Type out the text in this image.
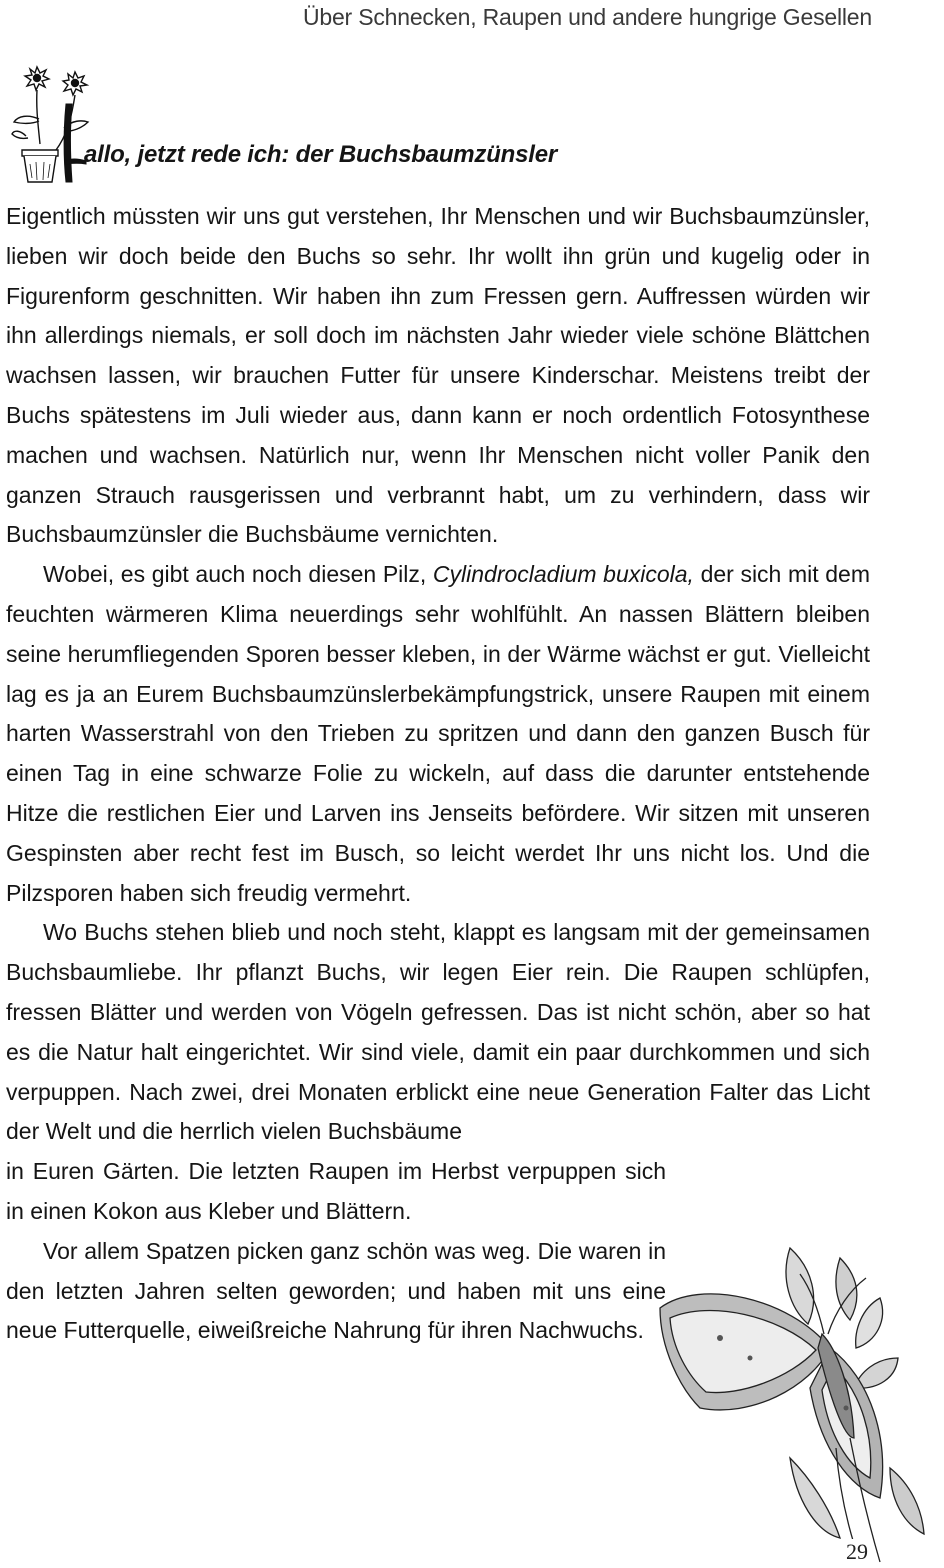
Über Schnecken, Raupen und andere hungrige Gesellen
allo, jetzt rede ich: der Buchsbaumzünsler

Eigentlich müssten wir uns gut verstehen, Ihr Menschen und wir Buchsbaumzünsler, lieben wir doch beide den Buchs so sehr. Ihr wollt ihn grün und kugelig oder in Figurenform geschnitten. Wir haben ihn zum Fressen gern. Auffressen würden wir ihn allerdings niemals, er soll doch im nächsten Jahr wieder viele schöne Blättchen wachsen lassen, wir brauchen Futter für unsere Kinderschar. Meistens treibt der Buchs spätestens im Juli wieder aus, dann kann er noch ordentlich Fotosynthese machen und wachsen. Natürlich nur, wenn Ihr Menschen nicht voller Panik den ganzen Strauch rausgerissen und verbrannt habt, um zu verhindern, dass wir Buchsbaumzünsler die Buchsbäume vernichten.

Wobei, es gibt auch noch diesen Pilz, Cylindrocladium buxicola, der sich mit dem feuchten wärmeren Klima neuerdings sehr wohlfühlt. An nassen Blättern bleiben seine herumfliegenden Sporen besser kleben, in der Wärme wächst er gut. Vielleicht lag es ja an Eurem Buchsbaumzünslerbekämpfungstrick, unsere Raupen mit einem harten Wasserstrahl von den Trieben zu spritzen und dann den ganzen Busch für einen Tag in eine schwarze Folie zu wickeln, auf dass die darunter entstehende Hitze die restlichen Eier und Larven ins Jenseits befördere. Wir sitzen mit unseren Gespinsten aber recht fest im Busch, so leicht werdet Ihr uns nicht los. Und die Pilzsporen haben sich freudig vermehrt.

Wo Buchs stehen blieb und noch steht, klappt es langsam mit der gemeinsamen Buchsbaumliebe. Ihr pflanzt Buchs, wir legen Eier rein. Die Raupen schlüpfen, fressen Blätter und werden von Vögeln gefressen. Das ist nicht schön, aber so hat es die Natur halt eingerichtet. Wir sind viele, damit ein paar durchkommen und sich verpuppen. Nach zwei, drei Monaten erblickt eine neue Generation Falter das Licht der Welt und die herrlich vielen Buchsbäume

in Euren Gärten. Die letzten Raupen im Herbst verpuppen sich in einen Kokon aus Kleber und Blättern.

Vor allem Spatzen picken ganz schön was weg. Die waren in den letzten Jahren selten geworden; und haben mit uns eine neue Futterquelle, eiweißreiche Nahrung für ihren Nachwuchs.

29
